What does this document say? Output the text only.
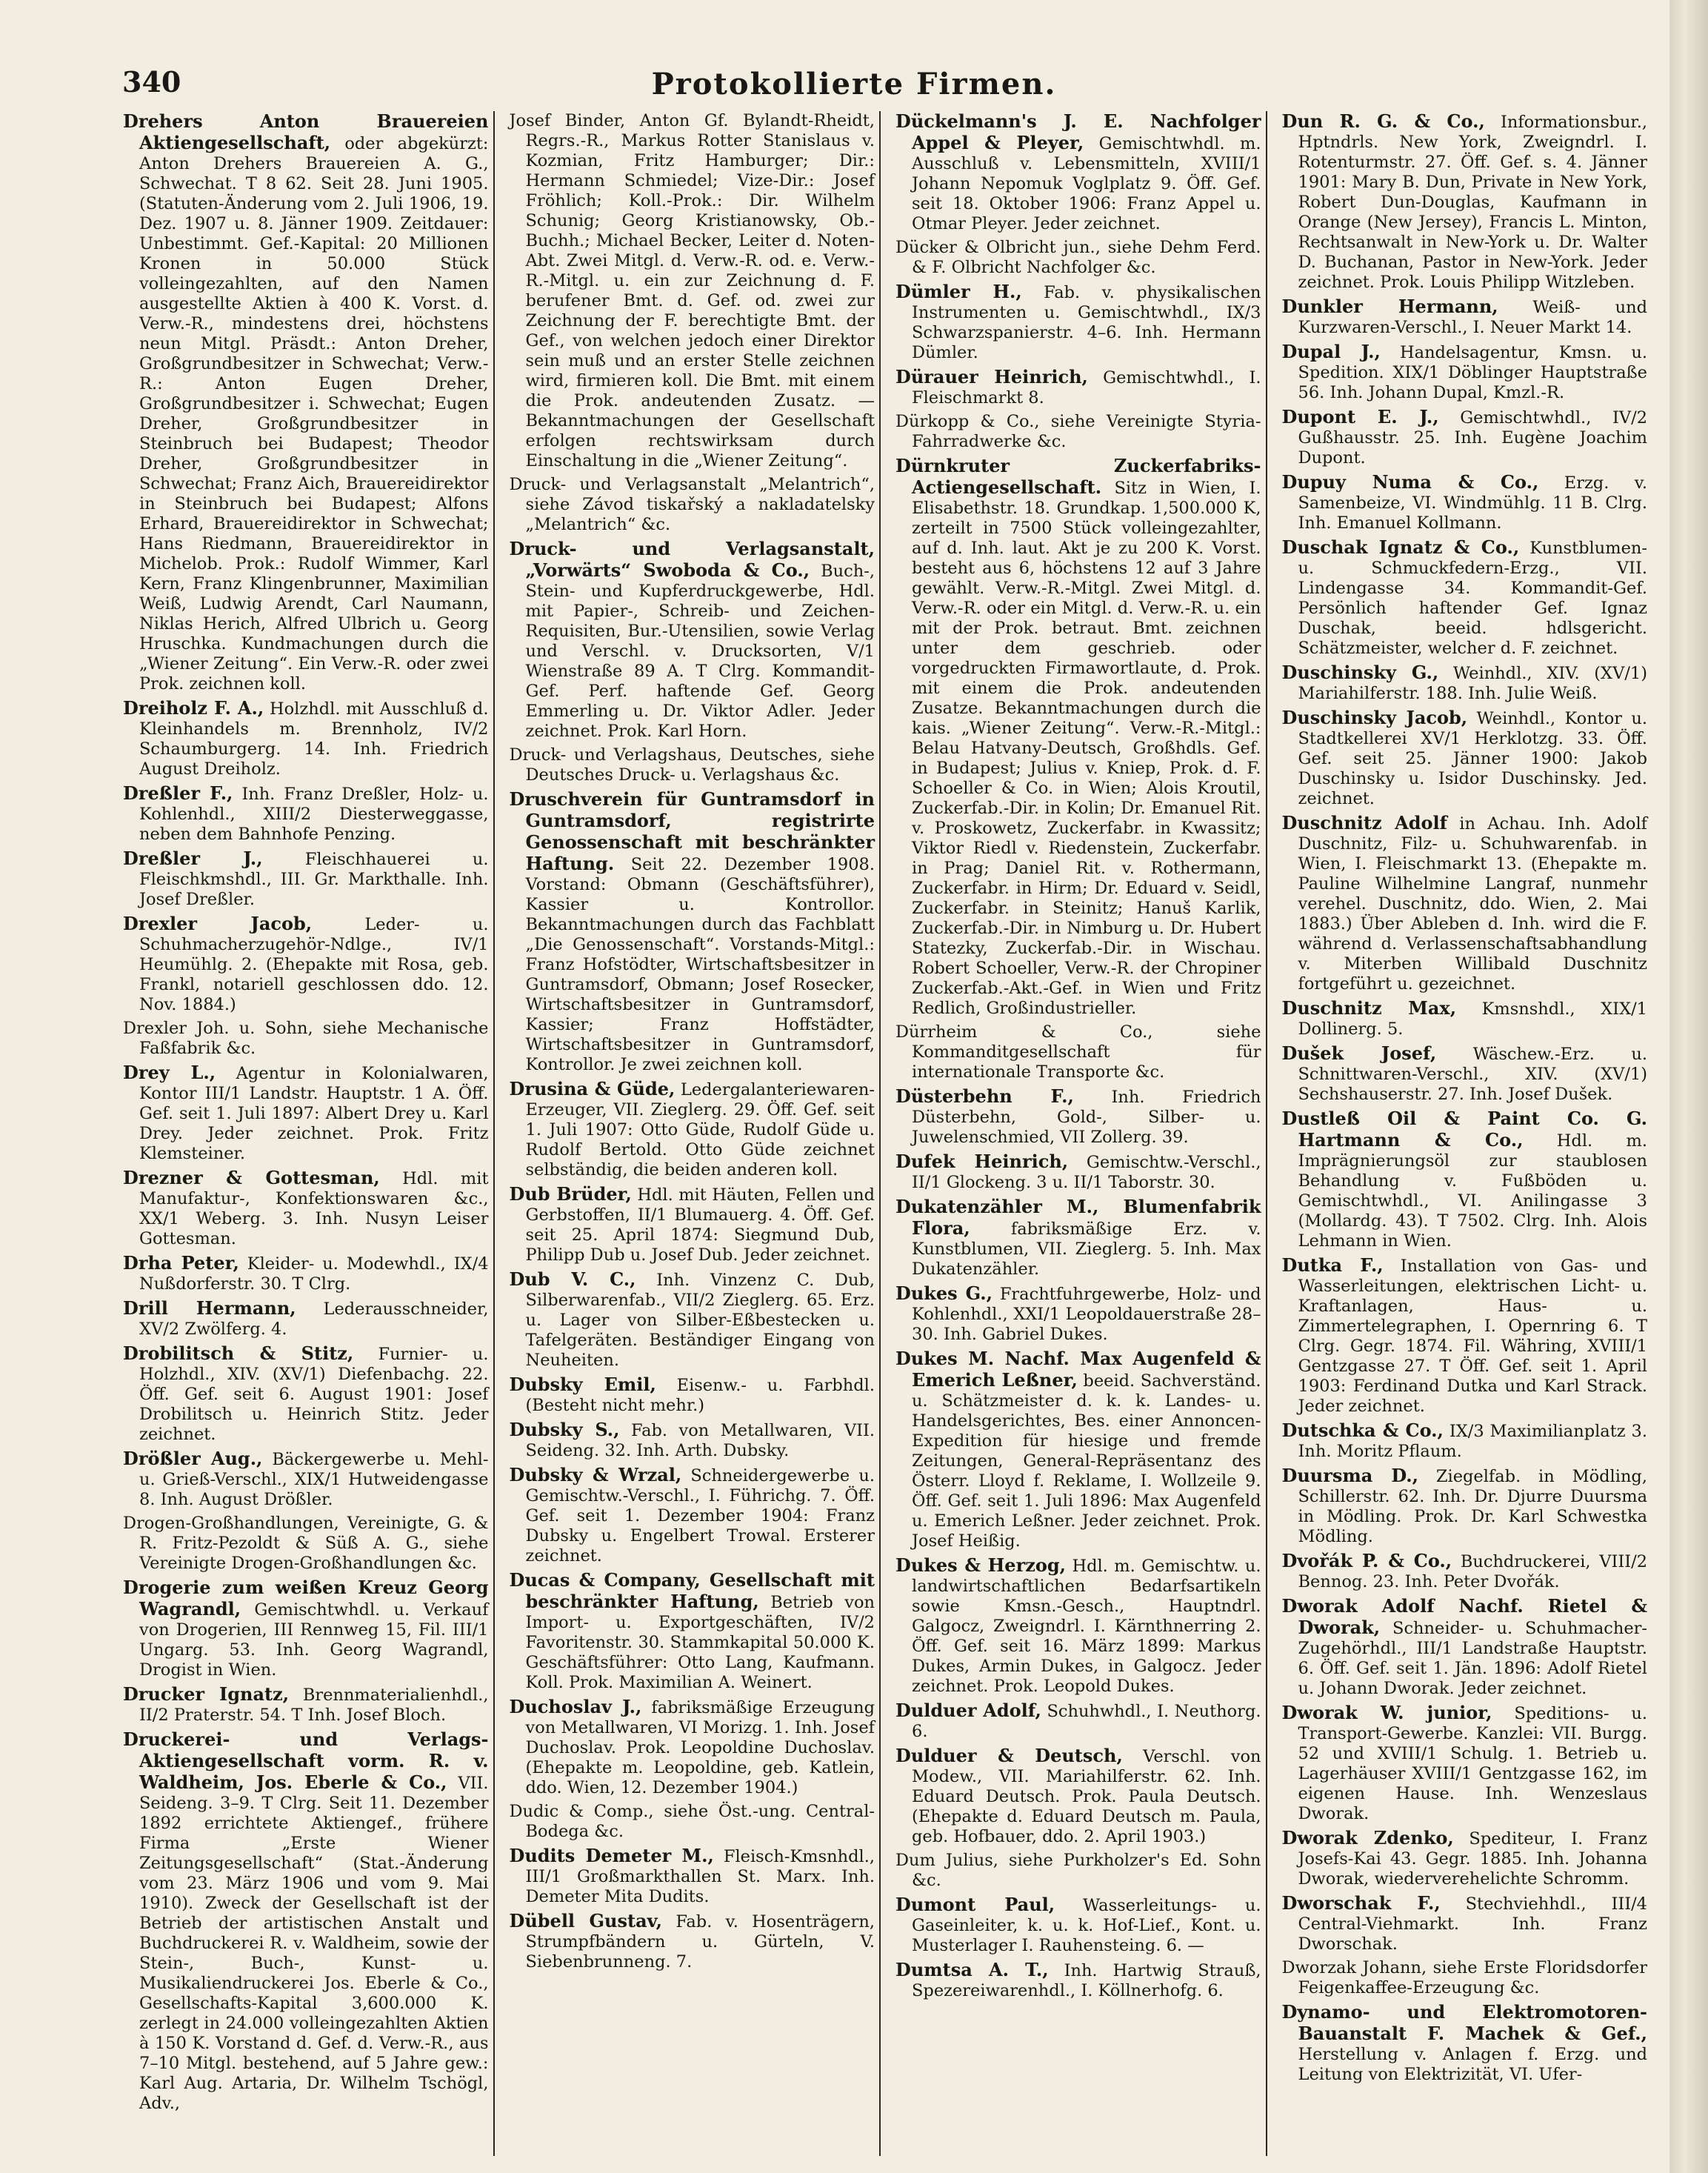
340	Protokollierte Firmen.

Drehers Anton Brauereien Aktiengesellschaft, oder abgekürzt: Anton Drehers Brauereien A. G., Schwechat. T 8 62. Seit 28. Juni 1905. (Statuten-Änderung vom 2. Juli 1906, 19. Dez. 1907 u. 8. Jänner 1909. Zeitdauer: Unbestimmt. Gef.-Kapital: 20 Millionen Kronen in 50.000 Stück volleingezahlten, auf den Namen ausgestellte Aktien à 400 K. Vorst. d. Verw.-R., mindestens drei, höchstens neun Mitgl. Präsdt.: Anton Dreher, Großgrundbesitzer in Schwechat; Verw.-R.: Anton Eugen Dreher, Großgrundbesitzer i. Schwechat; Eugen Dreher, Großgrundbesitzer in Steinbruch bei Budapest; Theodor Dreher, Großgrundbesitzer in Schwechat; Franz Aich, Brauereidirektor in Steinbruch bei Budapest; Alfons Erhard, Brauereidirektor in Schwechat; Hans Riedmann, Brauereidirektor in Michelob. Prok.: Rudolf Wimmer, Karl Kern, Franz Klingenbrunner, Maximilian Weiß, Ludwig Arendt, Carl Naumann, Niklas Herich, Alfred Ulbrich u. Georg Hruschka. Kundmachungen durch die „Wiener Zeitung“. Ein Verw.-R. oder zwei Prok. zeichnen koll.

Dreiholz F. A., Holzhdl. mit Ausschluß d. Kleinhandels m. Brennholz, IV/2 Schaumburgerg. 14. Inh. Friedrich August Dreiholz.

Dreßler F., Inh. Franz Dreßler, Holz- u. Kohlenhdl., XIII/2 Diesterweggasse, neben dem Bahnhofe Penzing.

Dreßler J.,	Fleischhauerei u. Fleischkmshdl., III. Gr. Markthalle. Inh. Josef Dreßler.

Drexler Jacob,	Leder- u. Schuhmacherzugehör-Ndlge., IV/1 Heumühlg. 2. (Ehepakte mit Rosa, geb. Frankl, notariell geschlossen ddo. 12. Nov. 1884.)

Drexler Joh. u. Sohn, siehe Mechanische Faßfabrik &c.

Drey L., Agentur in Kolonialwaren, Kontor III/1 Landstr. Hauptstr. 1 A. Öff. Gef. seit 1. Juli 1897: Albert Drey u. Karl Drey. Jeder zeichnet. Prok. Fritz Klemsteiner.

Drezner & Gottesman, Hdl. mit Manufaktur-, Konfektionswaren &c., XX/1 Weberg. 3. Inh. Nusyn Leiser Gottesman.

Drha Peter, Kleider- u. Modewhdl., IX/4 Nußdorferstr. 30. T Clrg.

Drill Hermann, Lederausschneider, XV/2 Zwölferg. 4.

Drobilitsch & Stitz, Furnier- u. Holzhdl., XIV. (XV/1) Diefenbachg. 22. Öff. Gef. seit 6. August 1901: Josef Drobilitsch u. Heinrich Stitz. Jeder zeichnet.

Drößler Aug., Bäckergewerbe u. Mehl- u. Grieß-Verschl., XIX/1 Hutweidengasse 8. Inh. August Drößler.

Drogen-Großhandlungen, Vereinigte, G. & R. Fritz-Pezoldt & Süß A. G., siehe Vereinigte Drogen-Großhandlungen &c.

Drogerie zum weißen Kreuz Georg Wagrandl, Gemischtwhdl. u. Verkauf von Drogerien, III Rennweg 15, Fil. III/1 Ungarg. 53. Inh. Georg Wagrandl, Drogist in Wien.

Drucker Ignatz, Brennmaterialienhdl., II/2 Praterstr. 54. T Inh. Josef Bloch.

Druckerei- und Verlags-Aktiengesellschaft vorm. R. v. Waldheim, Jos. Eberle & Co., VII. Seideng. 3–9. T Clrg. Seit 11. Dezember 1892 errichtete Aktiengef., frühere Firma „Erste Wiener Zeitungsgesellschaft“ (Stat.-Änderung vom 23. März 1906 und vom 9. Mai 1910). Zweck der Gesellschaft ist der Betrieb der artistischen Anstalt und Buchdruckerei R. v. Waldheim, sowie der Stein-, Buch-, Kunst- u. Musikaliendruckerei Jos. Eberle & Co., Gesellschafts-Kapital 3,600.000 K. zerlegt in 24.000 volleingezahlten Aktien à 150 K. Vorstand d. Gef. d. Verw.-R., aus 7–10 Mitgl. bestehend, auf 5 Jahre gew.: Karl Aug. Artaria, Dr. Wilhelm Tschögl, Adv.,

Josef Binder, Anton Gf. Bylandt-Rheidt, Regrs.-R., Markus Rotter Stanislaus v. Kozmian, Fritz Hamburger; Dir.: Hermann Schmiedel; Vize-Dir.: Josef Fröhlich; Koll.-Prok.: Dir. Wilhelm Schunig; Georg Kristianowsky, Ob.-Buchh.; Michael Becker, Leiter d. Noten-Abt. Zwei Mitgl. d. Verw.-R. od. e. Verw.-R.-Mitgl. u. ein zur Zeichnung d. F. berufener Bmt. d. Gef. od. zwei zur Zeichnung der F. berechtigte Bmt. der Gef., von welchen jedoch einer Direktor sein muß und an erster Stelle zeichnen wird, firmieren koll. Die Bmt. mit einem die Prok. andeutenden Zusatz. — Bekanntmachungen der Gesellschaft erfolgen rechtswirksam durch Einschaltung in die „Wiener Zeitung“.

Druck- und Verlagsanstalt „Melantrich“, siehe Závod tiskařský a nakladatelsky „Melantrich“ &c.

Druck- und Verlagsanstalt, „Vorwärts“ Swoboda & Co., Buch-, Stein- und Kupferdruckgewerbe, Hdl. mit Papier-, Schreib- und Zeichen-Requisiten, Bur.-Utensilien, sowie Verlag und Verschl. v. Drucksorten, V/1 Wienstraße 89 A. T Clrg. Kommandit-Gef. Perf. haftende Gef. Georg Emmerling u. Dr. Viktor Adler. Jeder zeichnet. Prok. Karl Horn.

Druck- und Verlagshaus, Deutsches, siehe Deutsches Druck- u. Verlagshaus &c.

Druschverein für Guntramsdorf in Guntramsdorf, registrirte Genossenschaft mit beschränkter Haftung. Seit 22. Dezember 1908. Vorstand: Obmann (Geschäftsführer), Kassier u. Kontrollor. Bekanntmachungen durch das Fachblatt „Die Genossenschaft“. Vorstands-Mitgl.: Franz Hofstödter, Wirtschaftsbesitzer in Guntramsdorf, Obmann; Josef Rosecker, Wirtschaftsbesitzer in Guntramsdorf, Kassier; Franz Hoffstädter, Wirtschaftsbesitzer in Guntramsdorf, Kontrollor. Je zwei zeichnen koll.

Drusina & Güde, Ledergalanteriewaren-Erzeuger, VII. Zieglerg. 29. Öff. Gef. seit 1. Juli 1907: Otto Güde, Rudolf Güde u. Rudolf Bertold. Otto Güde zeichnet selbständig, die beiden anderen koll.

Dub Brüder, Hdl. mit Häuten, Fellen und Gerbstoffen, II/1 Blumauerg. 4. Öff. Gef. seit 25. April 1874: Siegmund Dub, Philipp Dub u. Josef Dub. Jeder zeichnet.

Dub V. C., Inh. Vinzenz C. Dub, Silberwarenfab., VII/2 Zieglerg. 65. Erz. u. Lager von Silber-Eßbestecken u. Tafelgeräten. Beständiger Eingang von Neuheiten.

Dubsky Emil, Eisenw.- u. Farbhdl. (Besteht nicht mehr.)

Dubsky S., Fab. von Metallwaren, VII. Seideng. 32. Inh. Arth. Dubsky.

Dubsky & Wrzal, Schneidergewerbe u. Gemischtw.-Verschl., I. Führichg. 7. Öff. Gef. seit 1. Dezember 1904: Franz Dubsky u. Engelbert Trowal. Ersterer zeichnet.

Ducas & Company, Gesellschaft mit beschränkter Haftung, Betrieb von Import- u. Exportgeschäften, IV/2 Favoritenstr. 30. Stammkapital 50.000 K. Geschäftsführer: Otto Lang, Kaufmann. Koll. Prok. Maximilian A. Weinert.

Duchoslav J., fabriksmäßige Erzeugung von Metallwaren, VI Morizg. 1. Inh. Josef Duchoslav. Prok. Leopoldine Duchoslav. (Ehepakte m. Leopoldine, geb. Katlein, ddo. Wien, 12. Dezember 1904.)

Dudic & Comp., siehe Öst.-ung. Central-Bodega &c.

Dudits Demeter M., Fleisch-Kmsnhdl., III/1 Großmarkthallen St. Marx. Inh. Demeter Mita Dudits.

Dübell Gustav, Fab. v. Hosenträgern, Strumpfbändern u. Gürteln, V. Siebenbrunneng. 7.

Dückelmann's J. E. Nachfolger Appel & Pleyer, Gemischtwhdl. m. Ausschluß v. Lebensmitteln, XVIII/1 Johann Nepomuk Voglplatz 9. Öff. Gef. seit 18. Oktober 1906: Franz Appel u. Otmar Pleyer. Jeder zeichnet.

Dücker & Olbricht jun., siehe Dehm Ferd. & F. Olbricht Nachfolger &c.

Dümler H., Fab. v. physikalischen Instrumenten u. Gemischtwhdl., IX/3 Schwarzspanierstr. 4–6. Inh. Hermann Dümler.

Dürauer Heinrich, Gemischtwhdl., I. Fleischmarkt 8.

Dürkopp & Co., siehe Vereinigte Styria-Fahrradwerke &c.

Dürnkruter Zuckerfabriks-Actiengesellschaft. Sitz in Wien, I. Elisabethstr. 18. Grundkap. 1,500.000 K, zerteilt in 7500 Stück volleingezahlter, auf d. Inh. laut. Akt je zu 200 K. Vorst. besteht aus 6, höchstens 12 auf 3 Jahre gewählt. Verw.-R.-Mitgl. Zwei Mitgl. d. Verw.-R. oder ein Mitgl. d. Verw.-R. u. ein mit der Prok. betraut. Bmt. zeichnen unter dem geschrieb. oder vorgedruckten Firmawortlaute, d. Prok. mit einem die Prok. andeutenden Zusatze. Bekanntmachungen durch die kais. „Wiener Zeitung“. Verw.-R.-Mitgl.: Belau Hatvany-Deutsch, Großhdls. Gef. in Budapest; Julius v. Kniep, Prok. d. F. Schoeller & Co. in Wien; Alois Kroutil, Zuckerfab.-Dir. in Kolin; Dr. Emanuel Rit. v. Proskowetz, Zuckerfabr. in Kwassitz; Viktor Riedl v. Riedenstein, Zuckerfabr. in Prag; Daniel Rit. v. Rothermann, Zuckerfabr. in Hirm; Dr. Eduard v. Seidl, Zuckerfabr. in Steinitz; Hanuš Karlik, Zuckerfab.-Dir. in Nimburg u. Dr. Hubert Statezky, Zuckerfab.-Dir. in Wischau. Robert Schoeller, Verw.-R. der Chropiner Zuckerfab.-Akt.-Gef. in Wien und Fritz Redlich, Großindustrieller.

Dürrheim & Co., siehe Kommanditgesellschaft für internationale Transporte &c.

Düsterbehn F., Inh. Friedrich Düsterbehn, Gold-, Silber- u. Juwelenschmied, VII Zollerg. 39.

Dufek Heinrich, Gemischtw.-Verschl., II/1 Glockeng. 3 u. II/1 Taborstr. 30.

Dukatenzähler M., Blumenfabrik Flora, fabriksmäßige Erz. v. Kunstblumen, VII. Zieglerg. 5. Inh. Max Dukatenzähler.

Dukes G., Frachtfuhrgewerbe, Holz- und Kohlenhdl., XXI/1 Leopoldauerstraße 28–30. Inh. Gabriel Dukes.

Dukes M. Nachf. Max Augenfeld & Emerich Leßner, beeid. Sachverständ. u. Schätzmeister d. k. k. Landes- u. Handelsgerichtes, Bes. einer Annoncen-Expedition für hiesige und fremde Zeitungen, General-Repräsentanz des Österr. Lloyd f. Reklame, I. Wollzeile 9. Öff. Gef. seit 1. Juli 1896: Max Augenfeld u. Emerich Leßner. Jeder zeichnet. Prok. Josef Heißig.

Dukes & Herzog, Hdl. m. Gemischtw. u. landwirtschaftlichen Bedarfsartikeln sowie Kmsn.-Gesch., Hauptndrl. Galgocz, Zweigndrl. I. Kärnthnerring 2. Öff. Gef. seit 16. März 1899: Markus Dukes, Armin Dukes, in Galgocz. Jeder zeichnet. Prok. Leopold Dukes.

Dulduer Adolf, Schuhwhdl., I. Neuthorg. 6.

Dulduer & Deutsch, Verschl. von Modew., VII. Mariahilferstr. 62. Inh. Eduard Deutsch. Prok. Paula Deutsch. (Ehepakte d. Eduard Deutsch m. Paula, geb. Hofbauer, ddo. 2. April 1903.)

Dum Julius, siehe Purkholzer's Ed. Sohn &c.

Dumont Paul, Wasserleitungs- u. Gaseinleiter, k. u. k. Hof-Lief., Kont. u. Musterlager I. Rauhensteing. 6. —

Dumtsa A. T., Inh. Hartwig Strauß, Spezereiwarenhdl., I. Köllnerhofg. 6.

Dun R. G. & Co., Informationsbur., Hptndrls. New York, Zweigndrl. I. Rotenturmstr. 27. Öff. Gef. s. 4. Jänner 1901: Mary B. Dun, Private in New York, Robert Dun-Douglas, Kaufmann in Orange (New Jersey), Francis L. Minton, Rechtsanwalt in New-York u. Dr. Walter D. Buchanan, Pastor in New-York. Jeder zeichnet. Prok. Louis Philipp Witzleben.

Dunkler Hermann, Weiß- und Kurzwaren-Verschl., I. Neuer Markt 14.

Dupal J., Handelsagentur, Kmsn. u. Spedition. XIX/1 Döblinger Hauptstraße 56. Inh. Johann Dupal, Kmzl.-R.

Dupont E. J., Gemischtwhdl., IV/2 Gußhausstr. 25. Inh. Eugène Joachim Dupont.

Dupuy Numa & Co., Erzg. v. Samenbeize, VI. Windmühlg. 11 B. Clrg. Inh. Emanuel Kollmann.

Duschak Ignatz & Co., Kunstblumen- u. Schmuckfedern-Erzg., VII. Lindengasse 34. Kommandit-Gef. Persönlich haftender Gef. Ignaz Duschak, beeid. hdlsgericht. Schätzmeister, welcher d. F. zeichnet.

Duschinsky G., Weinhdl., XIV. (XV/1) Mariahilferstr. 188. Inh. Julie Weiß.

Duschinsky Jacob, Weinhdl., Kontor u. Stadtkellerei XV/1 Herklotzg. 33. Öff. Gef. seit 25. Jänner 1900: Jakob Duschinsky u. Isidor Duschinsky. Jed. zeichnet.

Duschnitz Adolf in Achau. Inh. Adolf Duschnitz, Filz- u. Schuhwarenfab. in Wien, I. Fleischmarkt 13. (Ehepakte m. Pauline Wilhelmine Langraf, nunmehr verehel. Duschnitz, ddo. Wien, 2. Mai 1883.) Über Ableben d. Inh. wird die F. während d. Verlassenschaftsabhandlung v. Miterben Willibald Duschnitz fortgeführt u. gezeichnet.

Duschnitz Max, Kmsnshdl., XIX/1 Dollinerg. 5.

Dušek Josef, Wäschew.-Erz. u. Schnittwaren-Verschl., XIV. (XV/1) Sechshauserstr. 27. Inh. Josef Dušek.

Dustleß Oil & Paint Co. G. Hartmann & Co., Hdl. m. Imprägnierungsöl zur staublosen Behandlung v. Fußböden u. Gemischtwhdl., VI. Anilingasse 3 (Mollardg. 43). T 7502. Clrg. Inh. Alois Lehmann in Wien.

Dutka F., Installation von Gas- und Wasserleitungen, elektrischen Licht- u. Kraftanlagen, Haus- u. Zimmertelegraphen, I. Opernring 6. T Clrg. Gegr. 1874. Fil. Währing, XVIII/1 Gentzgasse 27. T Öff. Gef. seit 1. April 1903: Ferdinand Dutka und Karl Strack. Jeder zeichnet.

Dutschka & Co., IX/3 Maximilianplatz 3. Inh. Moritz Pflaum.

Duursma D., Ziegelfab. in Mödling, Schillerstr. 62. Inh. Dr. Djurre Duursma in Mödling. Prok. Dr. Karl Schwestka Mödling.

Dvořák P. & Co., Buchdruckerei, VIII/2 Bennog. 23. Inh. Peter Dvořák.

Dworak Adolf Nachf. Rietel & Dworak, Schneider- u. Schuhmacher-Zugehörhdl., III/1 Landstraße Hauptstr. 6. Öff. Gef. seit 1. Jän. 1896: Adolf Rietel u. Johann Dworak. Jeder zeichnet.

Dworak W. junior, Speditions- u. Transport-Gewerbe. Kanzlei: VII. Burgg. 52 und XVIII/1 Schulg. 1. Betrieb u. Lagerhäuser XVIII/1 Gentzgasse 162, im eigenen Hause. Inh. Wenzeslaus Dworak.

Dworak Zdenko, Spediteur, I. Franz Josefs-Kai 43. Gegr. 1885. Inh. Johanna Dworak, wiederverehelichte Schromm.

Dworschak F., Stechviehhdl., III/4 Central-Viehmarkt. Inh. Franz Dworschak.

Dworzak Johann, siehe Erste Floridsdorfer Feigenkaffee-Erzeugung &c.

Dynamo- und Elektromotoren-Bauanstalt F. Machek & Gef., Herstellung v. Anlagen f. Erzg. und Leitung von Elektrizität, VI. Ufer-
